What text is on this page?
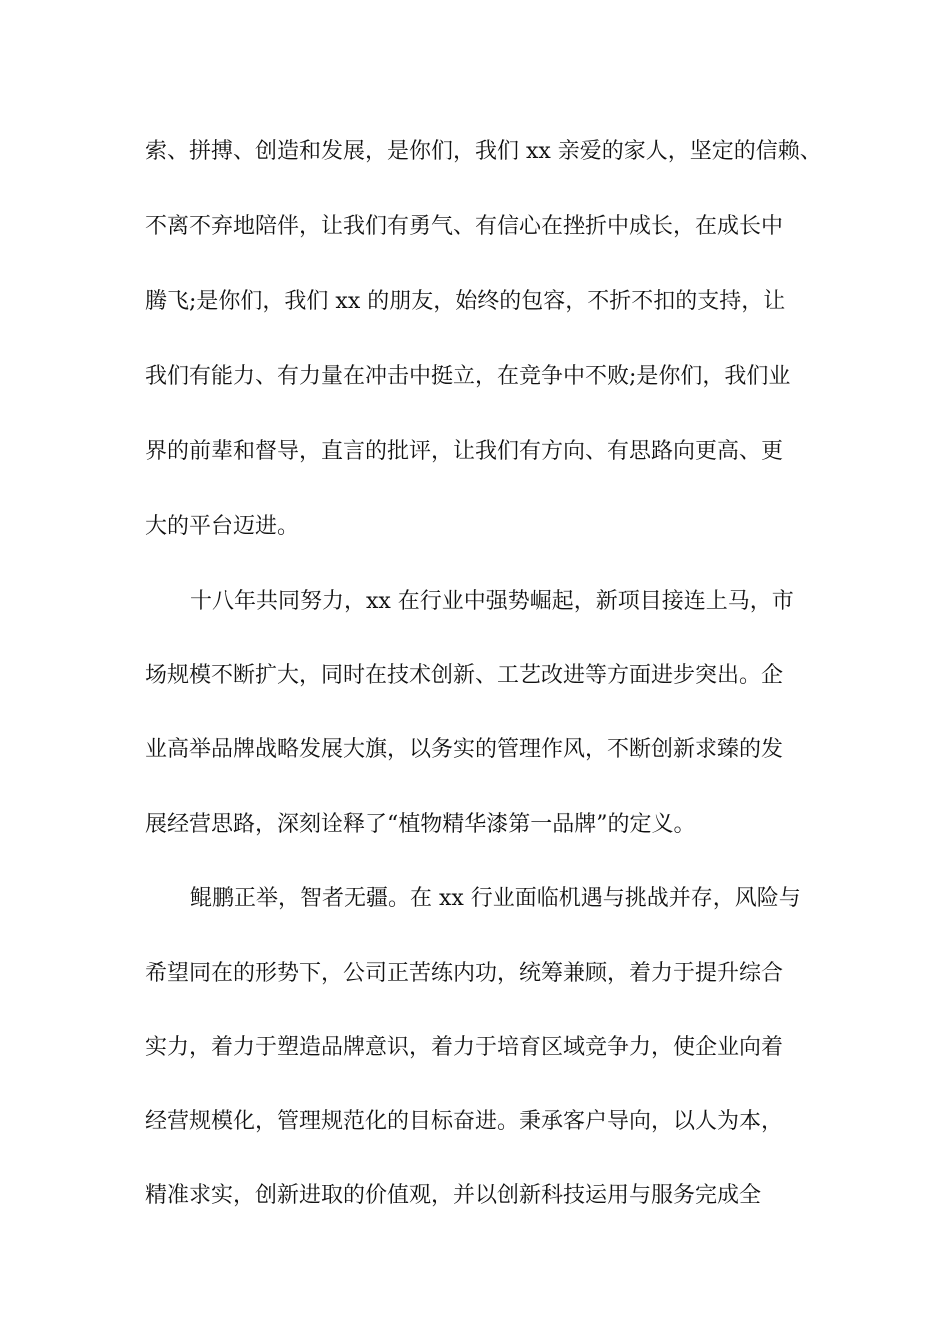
索、拼搏、创造和发展，是你们，我们 xx 亲爱的家人，坚定的信赖、
不离不弃地陪伴，让我们有勇气、有信心在挫折中成长，在成长中
腾飞;是你们，我们 xx 的朋友，始终的包容，不折不扣的支持，让
我们有能力、有力量在冲击中挺立，在竞争中不败;是你们，我们业
界的前辈和督导，直言的批评，让我们有方向、有思路向更高、更
大的平台迈进。
十八年共同努力，xx 在行业中强势崛起，新项目接连上马，市
场规模不断扩大，同时在技术创新、工艺改进等方面进步突出。企
业高举品牌战略发展大旗，以务实的管理作风，不断创新求臻的发
展经营思路，深刻诠释了“植物精华漆第一品牌”的定义。
鲲鹏正举，智者无疆。在 xx 行业面临机遇与挑战并存，风险与
希望同在的形势下，公司正苦练内功，统筹兼顾，着力于提升综合
实力，着力于塑造品牌意识，着力于培育区域竞争力，使企业向着
经营规模化，管理规范化的目标奋进。秉承客户导向，以人为本，
精准求实，创新进取的价值观，并以创新科技运用与服务完成全
